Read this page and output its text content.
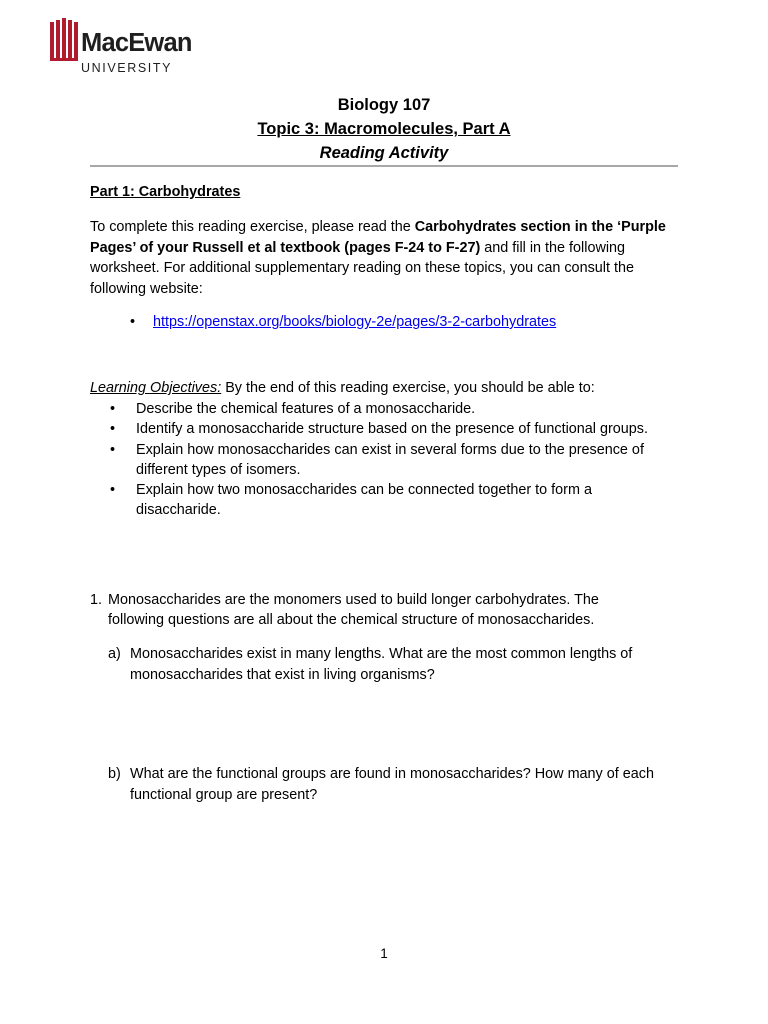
MacEwan
UNIVERSITY
Biology 107
Topic 3: Macromolecules, Part A
Reading Activity
Part 1: Carbohydrates
To complete this reading exercise, please read the Carbohydrates section in the ‘Purple Pages’ of your Russell et al textbook (pages F-24 to F-27) and fill in the following worksheet. For additional supplementary reading on these topics, you can consult the following website:
• https://openstax.org/books/biology-2e/pages/3-2-carbohydrates
Learning Objectives: By the end of this reading exercise, you should be able to:
• Describe the chemical features of a monosaccharide.
• Identify a monosaccharide structure based on the presence of functional groups.
• Explain how monosaccharides can exist in several forms due to the presence of different types of isomers.
• Explain how two monosaccharides can be connected together to form a disaccharide.
1. Monosaccharides are the monomers used to build longer carbohydrates. The following questions are all about the chemical structure of monosaccharides.
a) Monosaccharides exist in many lengths. What are the most common lengths of monosaccharides that exist in living organisms?
b) What are the functional groups are found in monosaccharides? How many of each functional group are present?
1
